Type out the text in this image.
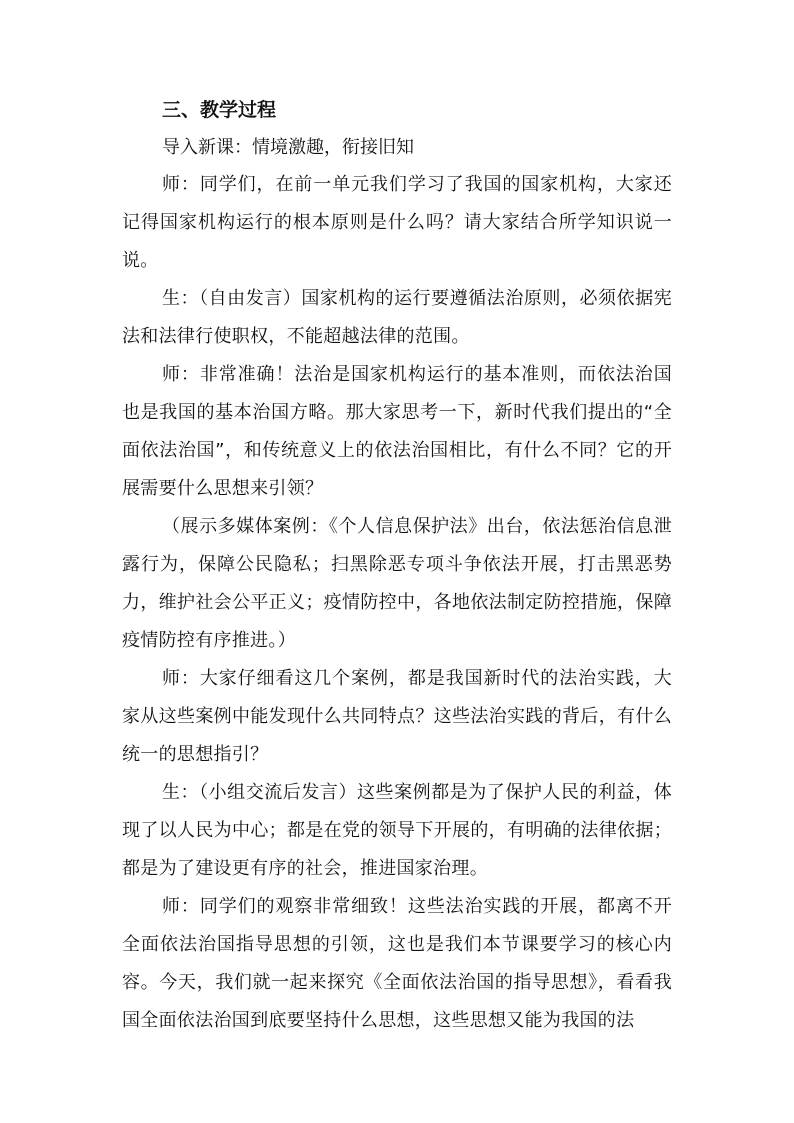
三、教学过程
导入新课：情境激趣，衔接旧知

师：同学们，在前一单元我们学习了我国的国家机构，大家还记得国家机构运行的根本原则是什么吗？请大家结合所学知识说一说。

生：（自由发言）国家机构的运行要遵循法治原则，必须依据宪法和法律行使职权，不能超越法律的范围。

师：非常准确！法治是国家机构运行的基本准则，而依法治国也是我国的基本治国方略。那大家思考一下，新时代我们提出的“全面依法治国”，和传统意义上的依法治国相比，有什么不同？它的开展需要什么思想来引领？

（展示多媒体案例：《个人信息保护法》出台，依法惩治信息泄露行为，保障公民隐私；扫黑除恶专项斗争依法开展，打击黑恶势力，维护社会公平正义；疫情防控中，各地依法制定防控措施，保障疫情防控有序推进。）

师：大家仔细看这几个案例，都是我国新时代的法治实践，大家从这些案例中能发现什么共同特点？这些法治实践的背后，有什么统一的思想指引？

生：（小组交流后发言）这些案例都是为了保护人民的利益，体现了以人民为中心；都是在党的领导下开展的，有明确的法律依据；都是为了建设更有序的社会，推进国家治理。

师：同学们的观察非常细致！这些法治实践的开展，都离不开全面依法治国指导思想的引领，这也是我们本节课要学习的核心内容。今天，我们就一起来探究《全面依法治国的指导思想》，看看我国全面依法治国到底要坚持什么思想，这些思想又能为我国的法
